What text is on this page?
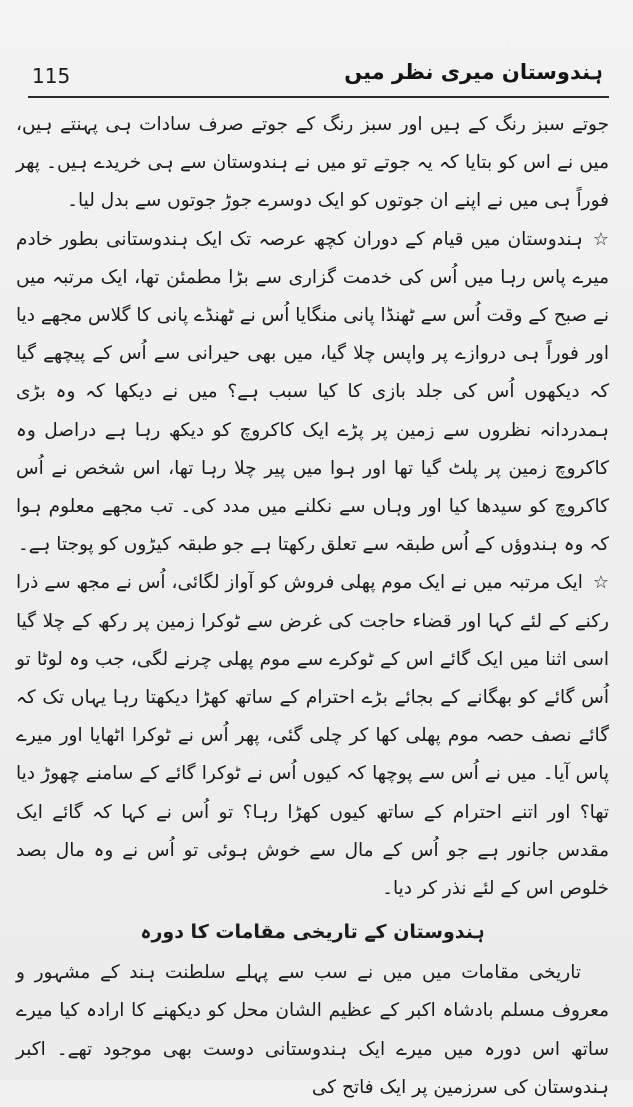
115	ہندوستان میری نظر میں

جوتے سبز رنگ کے ہیں اور سبز رنگ کے جوتے صرف سادات ہی پہنتے ہیں، میں نے اس کو بتایا کہ یہ جوتے تو میں نے ہندوستان سے ہی خریدے ہیں۔ پھر فوراً ہی میں نے اپنے ان جوتوں کو ایک دوسرے جوڑ جوتوں سے بدل لیا۔

☆ہندوستان میں قیام کے دوران کچھ عرصہ تک ایک ہندوستانی بطور خادم میرے پاس رہا میں اُس کی خدمت گزاری سے بڑا مطمئن تھا، ایک مرتبہ میں نے صبح کے وقت اُس سے ٹھنڈا پانی منگایا اُس نے ٹھنڈے پانی کا گلاس مجھے دیا اور فوراً ہی دروازے پر واپس چلا گیا، میں بھی حیرانی سے اُس کے پیچھے گیا کہ دیکھوں اُس کی جلد بازی کا کیا سبب ہے؟ میں نے دیکھا کہ وہ بڑی ہمدردانہ نظروں سے زمین پر پڑے ایک کاکروچ کو دیکھ رہا ہے دراصل وہ کاکروچ زمین پر پلٹ گیا تھا اور ہوا میں پیر چلا رہا تھا، اس شخص نے اُس کاکروچ کو سیدھا کیا اور وہاں سے نکلنے میں مدد کی۔ تب مجھے معلوم ہوا کہ وہ ہندوؤں کے اُس طبقہ سے تعلق رکھتا ہے جو طبقہ کیڑوں کو پوجتا ہے۔

☆ایک مرتبہ میں نے ایک موم پھلی فروش کو آواز لگائی، اُس نے مجھ سے ذرا رکنے کے لئے کہا اور قضاء حاجت کی غرض سے ٹوکرا زمین پر رکھ کے چلا گیا اسی اثنا میں ایک گائے اس کے ٹوکرے سے موم پھلی چرنے لگی، جب وہ لوٹا تو اُس گائے کو بھگانے کے بجائے بڑے احترام کے ساتھ کھڑا دیکھتا رہا یہاں تک کہ گائے نصف حصہ موم پھلی کھا کر چلی گئی، پھر اُس نے ٹوکرا اٹھایا اور میرے پاس آیا۔ میں نے اُس سے پوچھا کہ کیوں اُس نے ٹوکرا گائے کے سامنے چھوڑ دیا تھا؟ اور اتنے احترام کے ساتھ کیوں کھڑا رہا؟ تو اُس نے کہا کہ گائے ایک مقدس جانور ہے جو اُس کے مال سے خوش ہوئی تو اُس نے وہ مال بصد خلوص اس کے لئے نذر کر دیا۔

ہندوستان کے تاریخی مقامات کا دورہ

تاریخی مقامات میں میں نے سب سے پہلے سلطنت ہند کے مشہور و معروف مسلم بادشاہ اکبر کے عظیم الشان محل کو دیکھنے کا ارادہ کیا میرے ساتھ اس دورہ میں میرے ایک ہندوستانی دوست بھی موجود تھے۔ اکبر ہندوستان کی سرزمین پر ایک فاتح کی
